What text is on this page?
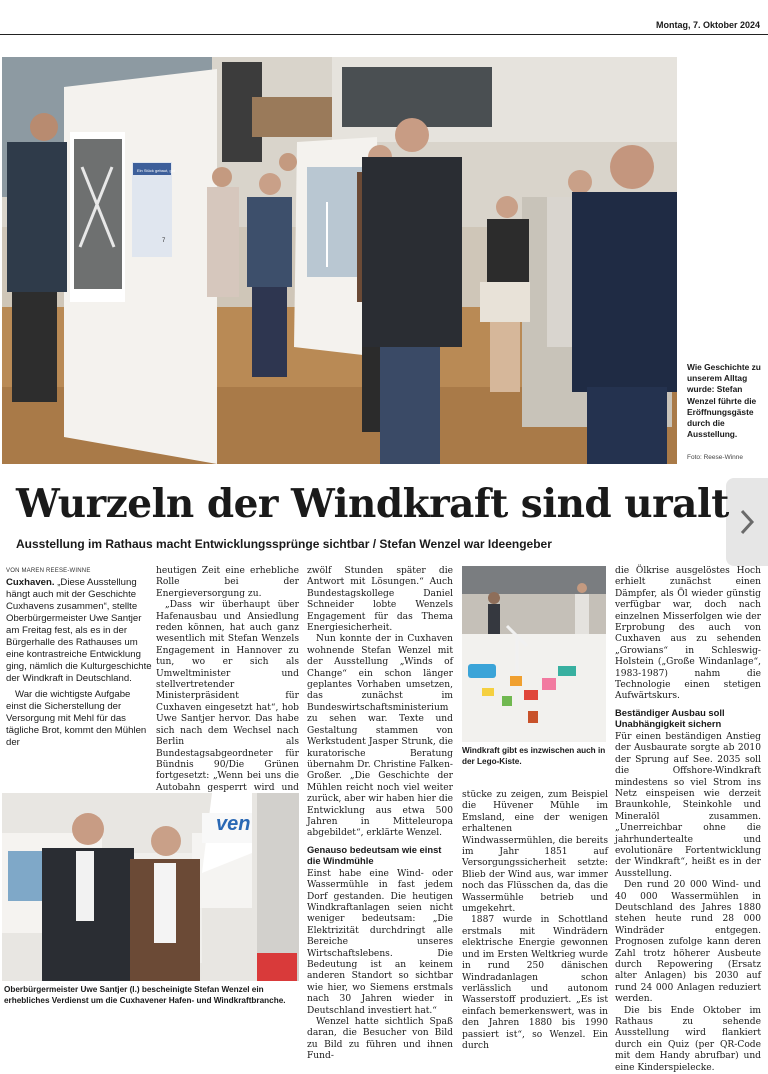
Montag, 7. Oktober 2024
Ein Stück gebaut, gut
7
Wie Geschichte zu unserem Alltag wurde: Stefan Wenzel führte die Eröffnungsgäste durch die Ausstellung.
Foto: Reese-Winne
Wurzeln der Windkraft sind uralt
Ausstellung im Rathaus macht Entwicklungssprünge sichtbar / Stefan Wenzel war Ideengeber
VON MAREN REESE-WINNE

Cuxhaven. „Diese Ausstellung hängt auch mit der Geschichte Cuxhavens zusammen“, stellte Oberbürgermeister Uwe Santjer am Freitag fest, als es in der Bürgerhalle des Rathauses um eine kontrastreiche Entwicklung ging, nämlich die Kulturgeschichte der Windkraft in Deutschland.

War die wichtigste Aufgabe einst die Sicherstellung der Versorgung mit Mehl für das tägliche Brot, kommt den Mühlen der

heutigen Zeit eine erhebliche Rolle bei der Energieversorgung zu.

„Dass wir überhaupt über Hafenausbau und Ansiedlung reden können, hat auch ganz wesentlich mit Stefan Wenzels Engagement in Hannover zu tun, wo er sich als Umweltminister und stellvertretender Ministerpräsident für Cuxhaven eingesetzt hat“, hob Uwe Santjer hervor. Das habe sich nach dem Wechsel nach Berlin als Bundestagsabgeordneter für Bündnis 90/Die Grünen fortgesetzt: „Wenn bei uns die Autobahn gesperrt wird und

zwölf Stunden später die Antwort mit Lösungen.“ Auch Bundestagskollege Daniel Schneider lobte Wenzels Engagement für das Thema Energiesicherheit.

Nun konnte der in Cuxhaven wohnende Stefan Wenzel mit der Ausstellung „Winds of Change“ ein schon länger geplantes Vorhaben umsetzen, das zunächst im Bundeswirtschaftsministerium zu sehen war. Texte und Gestaltung stammen von Werkstudent Jasper Strunk, die kuratorische Beratung übernahm Dr. Christine Falken-Großer. „Die Geschichte der Mühlen reicht noch viel weiter zurück, aber wir haben hier die Entwicklung aus etwa 500 Jahren in Mitteleuropa abgebildet“, erklärte Wenzel.

Genauso bedeutsam wie einst die Windmühle

Einst habe eine Wind- oder Wassermühle in fast jedem Dorf gestanden. Die heutigen Windkraftanlagen seien nicht weniger bedeutsam: „Die Elektrizität durchdringt alle Bereiche unseres Wirtschaftslebens. Die Bedeutung ist an keinem anderen Standort so sichtbar wie hier, wo Siemens erstmals nach 30 Jahren wieder in Deutschland investiert hat.“

Wenzel hatte sichtlich Spaß daran, die Besucher von Bild zu Bild zu führen und ihnen Fund-

Windkraft gibt es inzwischen auch in der Lego-Kiste.

stücke zu zeigen, zum Beispiel die Hüvener Mühle im Emsland, eine der wenigen erhaltenen Windwassermühlen, die bereits im Jahr 1851 auf Versorgungssicherheit setzte: Blieb der Wind aus, war immer noch das Flüsschen da, das die Wassermühle betrieb und umgekehrt.

1887 wurde in Schottland erstmals mit Windrädern elektrische Energie gewonnen und im Ersten Weltkrieg wurde in rund 250 dänischen Windradanlagen schon verlässlich und autonom Wasserstoff produziert. „Es ist einfach bemerkenswert, was in den Jahren 1880 bis 1990 passiert ist“, so Wenzel. Ein durch

die Ölkrise ausgelöstes Hoch erhielt zunächst einen Dämpfer, als Öl wieder günstig verfügbar war, doch nach einzelnen Misserfolgen wie der Erprobung des auch von Cuxhaven aus zu sehenden „Growians“ in Schleswig-Holstein („Große Windanlage“, 1983-1987) nahm die Technologie einen stetigen Aufwärtskurs.

Beständiger Ausbau soll Unabhängigkeit sichern

Für einen beständigen Anstieg der Ausbaurate sorgte ab 2010 der Sprung auf See. 2035 soll die Offshore-Windkraft mindestens so viel Strom ins Netz einspeisen wie derzeit Braunkohle, Steinkohle und Mineralöl zusammen. „Unerreichbar ohne die jahrhundertealte und evolutionäre Fortentwicklung der Windkraft“, heißt es in der Ausstellung.

Den rund 20 000 Wind- und 40 000 Wassermühlen in Deutschland des Jahres 1880 stehen heute rund 28 000 Windräder entgegen. Prognosen zufolge kann deren Zahl trotz höherer Ausbeute durch Repowering (Ersatz alter Anlagen) bis 2030 auf rund 24 000 Anlagen reduziert werden.

Die bis Ende Oktober im Rathaus zu sehende Ausstellung wird flankiert durch ein Quiz (per QR-Code mit dem Handy abrufbar) und eine Kinderspielecke.

ven
Oberbürgermeister Uwe Santjer (l.) bescheinigte Stefan Wenzel ein erhebliches Verdienst um die Cuxhavener Hafen- und Windkraftbranche.
